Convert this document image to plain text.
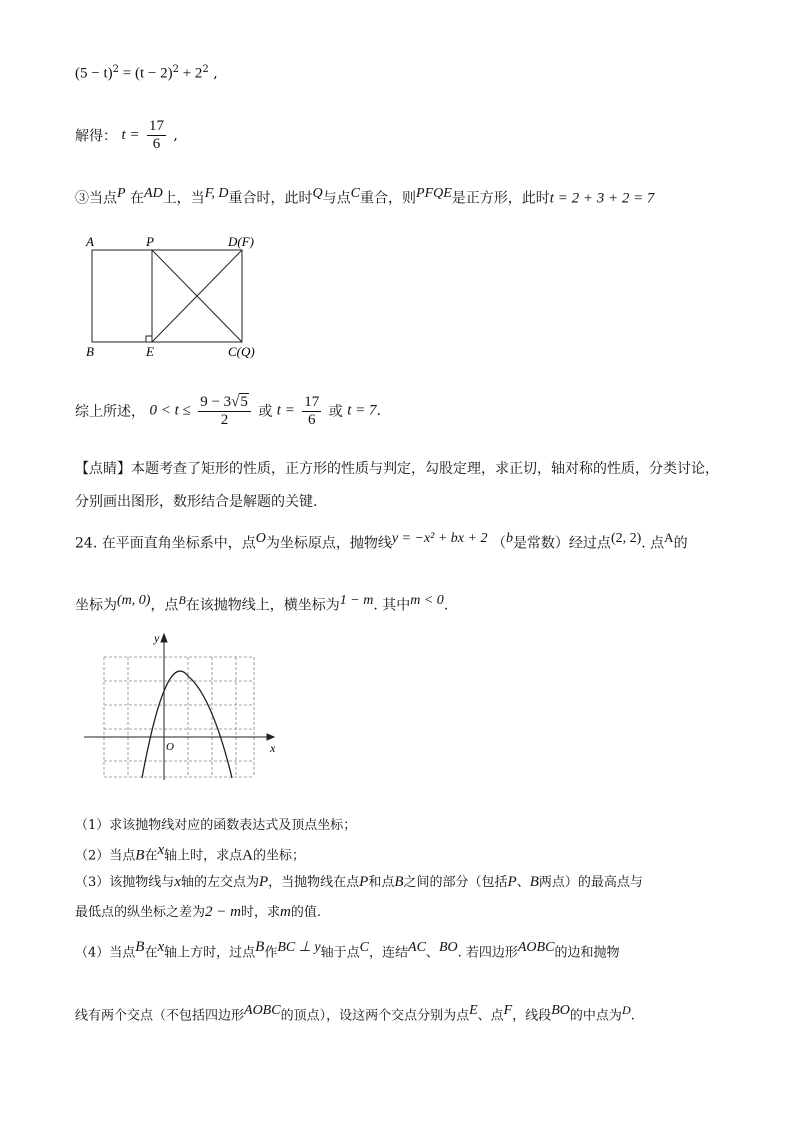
$(5 - t)^2 = (t - 2)^2 + 2^2$ ,
解得： $t = \frac{17}{6}$ ,
③当点$^P$ 在$^{AD}$上，当$^{F, D}$重合时，此时$^Q$与点$^C$重合，则$^{PFQE}$是正方形，此时t = 2 + 3 + 2 = 7
A	P	D(F)
B	E	C(Q)
综上所述， $0 < t \le \frac{9 - 3√5}{2}$ 或 $t = \frac{17}{6}$ 或 t = 7.
【点睛】本题考查了矩形的性质，正方形的性质与判定，勾股定理，求正切，轴对称的性质，分类讨论，
分别画出图形，数形结合是解题的关键.
24. 在平面直角坐标系中，点$^O$为坐标原点，抛物线$^{y = -x^2 + bx + 2}$ （$^b$是常数）经过点$^{(2, 2)}$. 点$^A$的
坐标为$^{(m, 0)}$，点$^B$在该抛物线上，横坐标为$^{1 - m}$. 其中$^{m < 0}$.
y
x
O
（1）求该抛物线对应的函数表达式及顶点坐标；
（2）当点B在$^x$轴上时，求点A的坐标；
（3）该抛物线与x轴的左交点为P，当抛物线在点P和点B之间的部分（包括P、B两点）的最高点与
最低点的纵坐标之差为2 − m时，求m的值.
（4）当点$^B$在$^x$轴上方时，过点$^B$作$^{BC \perp y}$轴于点$^C$，连结$^{AC}$、$^{BO}$. 若四边形$^{AOBC}$的边和抛物
线有两个交点（不包括四边形$^{AOBC}$的顶点），设这两个交点分别为点$^E$、点$^F$，线段$^{BO}$的中点为$^D$.
